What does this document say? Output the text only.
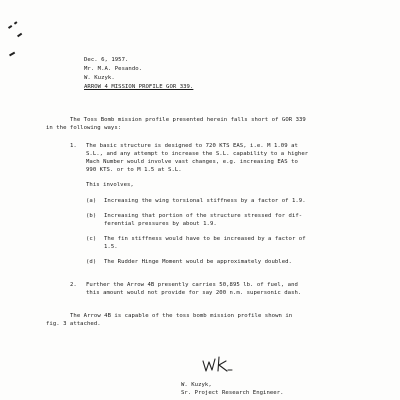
Dec. 6, 1957.
Mr. M.A. Pesando.
W. Kuzyk.
ARROW 4 MISSION PROFILE GOR 339.
The Toss Bomb mission profile presented herein falls short of GOR 339
in the following ways:
1. The basic structure is designed to 720 KTS EAS, i.e. M 1.09 at
S.L., and any attempt to increase the S.L. capability to a higher
Mach Number would involve vast changes, e.g. increasing EAS to
990 KTS. or to M 1.5 at S.L.
This involves,
(a) Increasing the wing torsional stiffness by a factor of 1.9.
(b) Increasing that portion of the structure stressed for dif-
ferential pressures by about 1.9.
(c) The fin stiffness would have to be increased by a factor of
1.5.
(d) The Rudder Hinge Moment would be approximately doubled.
2. Further the Arrow 4B presently carries 50,895 lb. of fuel, and
this amount would not provide for say 200 n.m. supersonic dash.
The Arrow 4B is capable of the toss bomb mission profile shown in
fig. 3 attached.
W. Kuzyk,
Sr. Project Research Engineer.
